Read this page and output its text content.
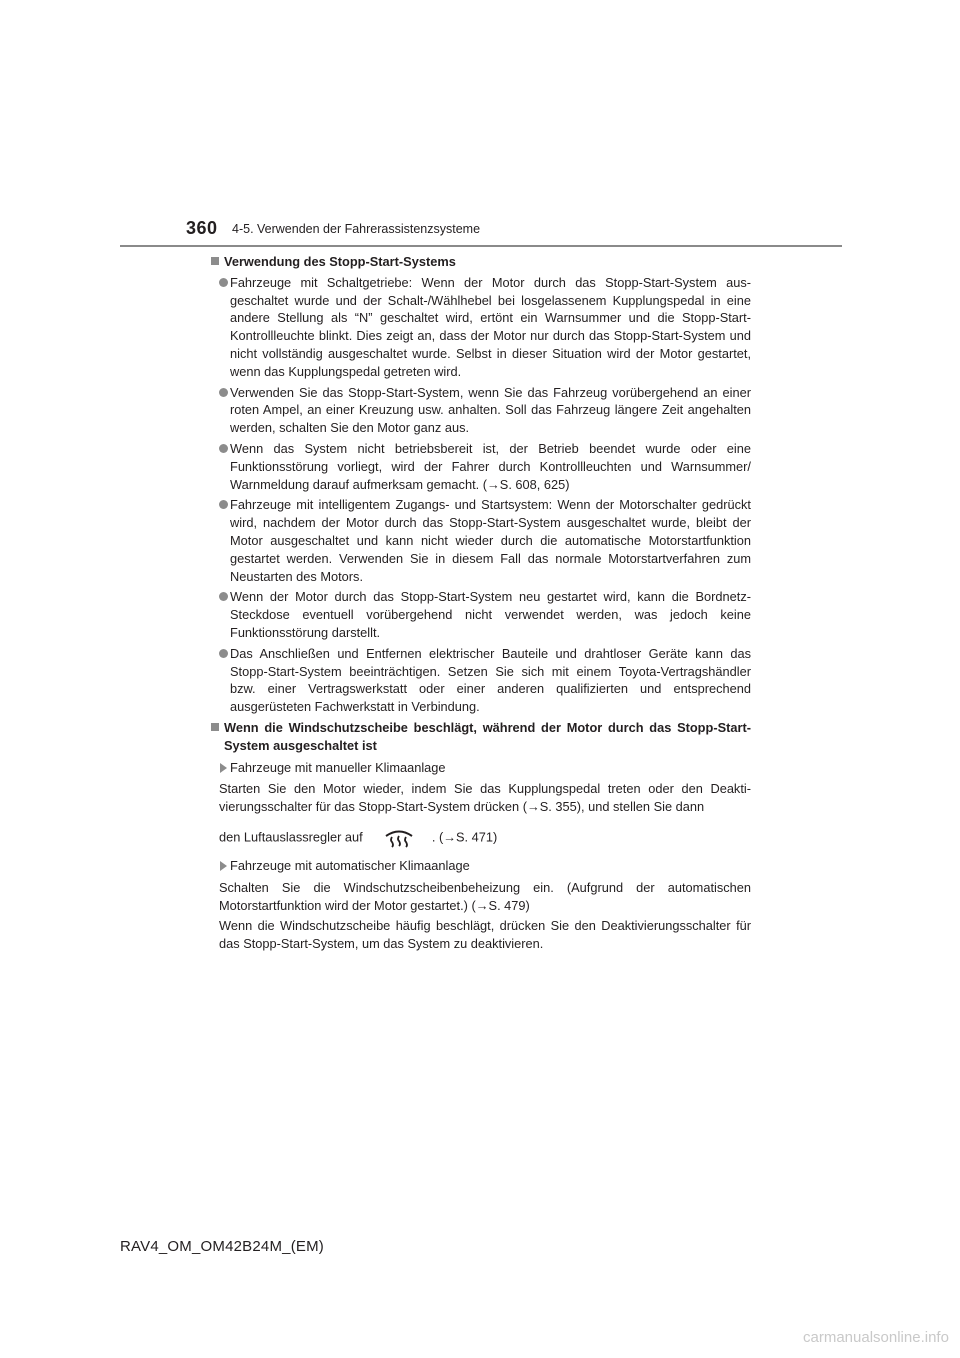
360 4-5. Verwenden der Fahrerassistenzsysteme
Verwendung des Stopp-Start-Systems
Fahrzeuge mit Schaltgetriebe: Wenn der Motor durch das Stopp-Start-System ausgeschaltet wurde und der Schalt-/Wählhebel bei losgelassenem Kupplungspedal in eine andere Stellung als “N” geschaltet wird, ertönt ein Warnsummer und die Stopp-Start-Kontrollleuchte blinkt. Dies zeigt an, dass der Motor nur durch das Stopp-Start-System und nicht vollständig ausgeschaltet wurde. Selbst in dieser Situation wird der Motor gestartet, wenn das Kupplungspedal getreten wird.
Verwenden Sie das Stopp-Start-System, wenn Sie das Fahrzeug vorübergehend an einer roten Ampel, an einer Kreuzung usw. anhalten. Soll das Fahrzeug längere Zeit angehalten werden, schalten Sie den Motor ganz aus.
Wenn das System nicht betriebsbereit ist, der Betrieb beendet wurde oder eine Funktionsstörung vorliegt, wird der Fahrer durch Kontrollleuchten und Warnsummer/ Warnmeldung darauf aufmerksam gemacht. (→S. 608, 625)
Fahrzeuge mit intelligentem Zugangs- und Startsystem: Wenn der Motorschalter gedrückt wird, nachdem der Motor durch das Stopp-Start-System ausgeschaltet wurde, bleibt der Motor ausgeschaltet und kann nicht wieder durch die automatische Motorstartfunktion gestartet werden. Verwenden Sie in diesem Fall das normale Motorstartverfahren zum Neustarten des Motors.
Wenn der Motor durch das Stopp-Start-System neu gestartet wird, kann die Bordnetz-Steckdose eventuell vorübergehend nicht verwendet werden, was jedoch keine Funktionsstörung darstellt.
Das Anschließen und Entfernen elektrischer Bauteile und drahtloser Geräte kann das Stopp-Start-System beeinträchtigen. Setzen Sie sich mit einem Toyota-Vertragshändler bzw. einer Vertragswerkstatt oder einer anderen qualifizierten und entsprechend ausgerüsteten Fachwerkstatt in Verbindung.
Wenn die Windschutzscheibe beschlägt, während der Motor durch das Stopp-Start-System ausgeschaltet ist
Fahrzeuge mit manueller Klimaanlage
Starten Sie den Motor wieder, indem Sie das Kupplungspedal treten oder den Deaktivierungsschalter für das Stopp-Start-System drücken (→S. 355), und stellen Sie dann
den Luftauslassregler auf	. (→S. 471)
Fahrzeuge mit automatischer Klimaanlage
Schalten Sie die Windschutzscheibenbeheizung ein. (Aufgrund der automatischen Motorstartfunktion wird der Motor gestartet.) (→S. 479)
Wenn die Windschutzscheibe häufig beschlägt, drücken Sie den Deaktivierungsschalter für das Stopp-Start-System, um das System zu deaktivieren.
RAV4_OM_OM42B24M_(EM)
carmanualsonline.info
